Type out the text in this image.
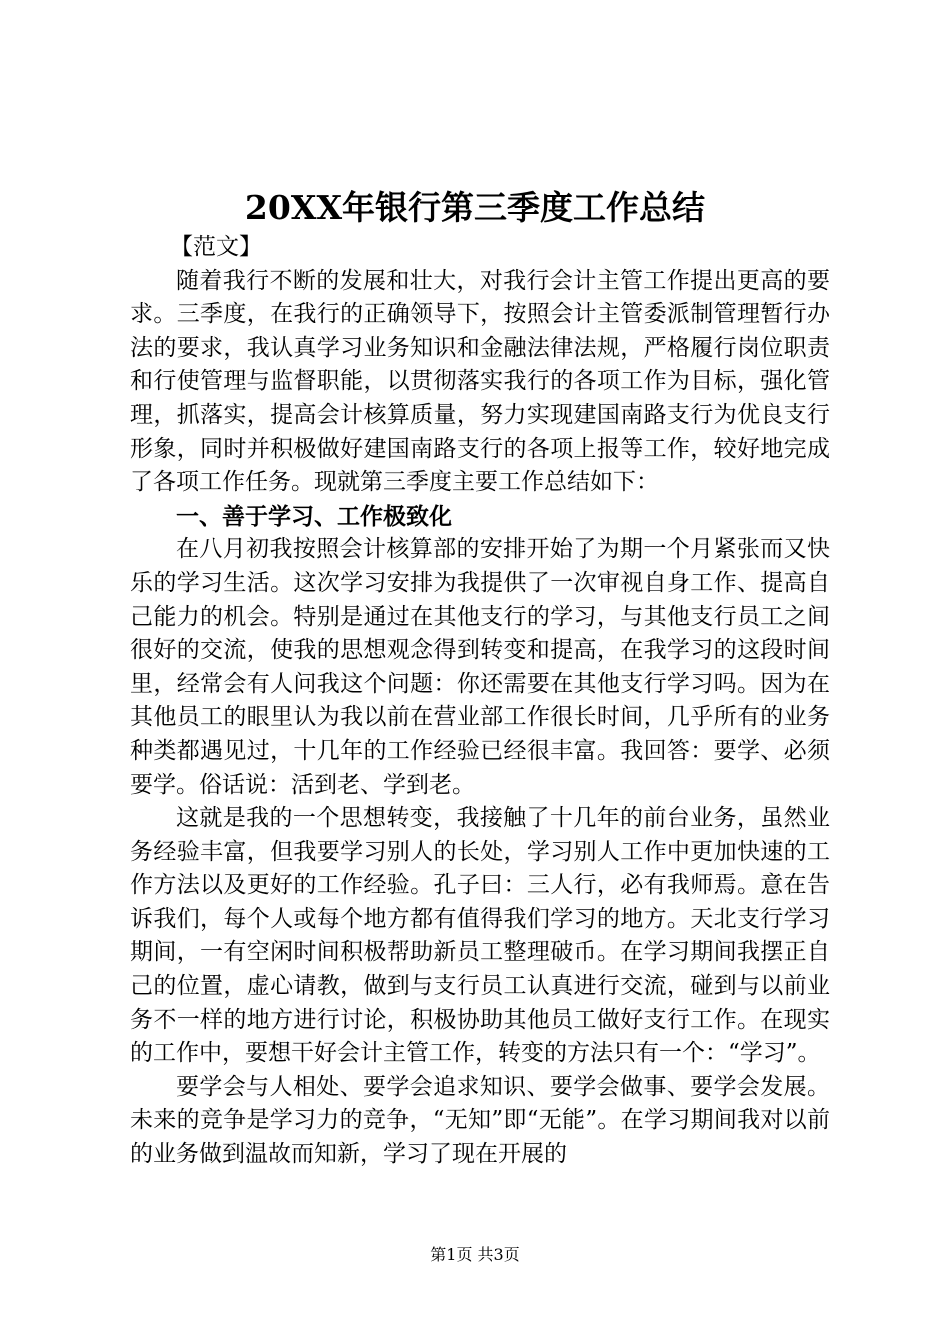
20XX年银行第三季度工作总结

【范文】

随着我行不断的发展和壮大，对我行会计主管工作提出更高的要求。三季度，在我行的正确领导下，按照会计主管委派制管理暂行办法的要求，我认真学习业务知识和金融法律法规，严格履行岗位职责和行使管理与监督职能，以贯彻落实我行的各项工作为目标，强化管理，抓落实，提高会计核算质量，努力实现建国南路支行为优良支行形象，同时并积极做好建国南路支行的各项上报等工作，较好地完成了各项工作任务。现就第三季度主要工作总结如下：

一、善于学习、工作极致化

在八月初我按照会计核算部的安排开始了为期一个月紧张而又快乐的学习生活。这次学习安排为我提供了一次审视自身工作、提高自己能力的机会。特别是通过在其他支行的学习，与其他支行员工之间很好的交流，使我的思想观念得到转变和提高，在我学习的这段时间里，经常会有人问我这个问题：你还需要在其他支行学习吗。因为在其他员工的眼里认为我以前在营业部工作很长时间，几乎所有的业务种类都遇见过，十几年的工作经验已经很丰富。我回答：要学、必须要学。俗话说：活到老、学到老。

这就是我的一个思想转变，我接触了十几年的前台业务，虽然业务经验丰富，但我要学习别人的长处，学习别人工作中更加快速的工作方法以及更好的工作经验。孔子曰：三人行，必有我师焉。意在告诉我们，每个人或每个地方都有值得我们学习的地方。天北支行学习期间，一有空闲时间积极帮助新员工整理破币。在学习期间我摆正自己的位置，虚心请教，做到与支行员工认真进行交流，碰到与以前业务不一样的地方进行讨论，积极协助其他员工做好支行工作。在现实的工作中，要想干好会计主管工作，转变的方法只有一个：“学习”。

要学会与人相处、要学会追求知识、要学会做事、要学会发展。未来的竞争是学习力的竞争，“无知”即“无能”。在学习期间我对以前的业务做到温故而知新，学习了现在开展的

第1页 共3页
